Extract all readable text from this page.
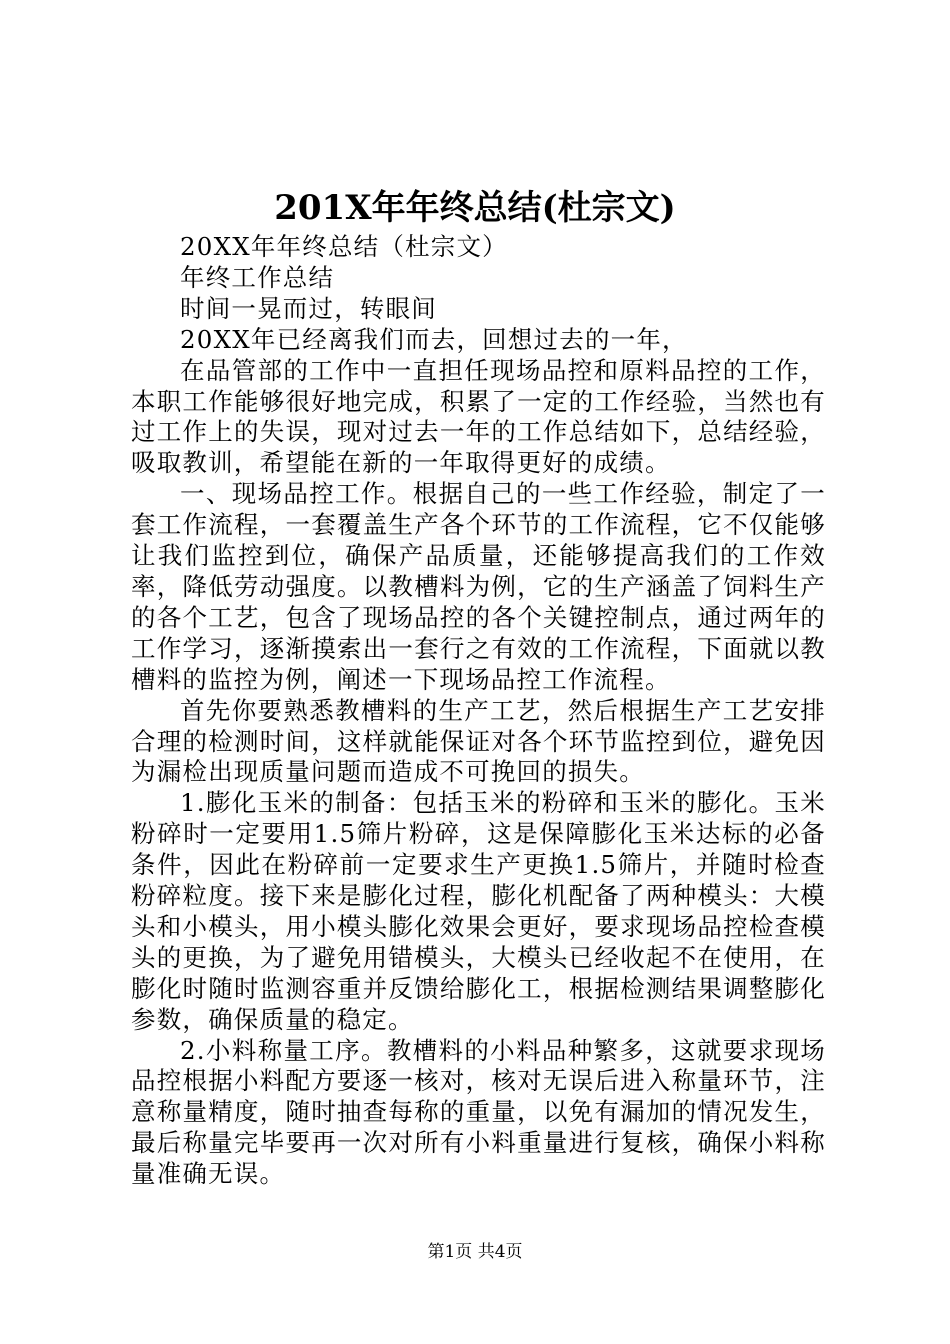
201X年年终总结(杜宗文)

20XX年年终总结（杜宗文）

年终工作总结

时间一晃而过，转眼间

20XX年已经离我们而去，回想过去的一年，

在品管部的工作中一直担任现场品控和原料品控的工作，本职工作能够很好地完成，积累了一定的工作经验，当然也有过工作上的失误，现对过去一年的工作总结如下，总结经验，吸取教训，希望能在新的一年取得更好的成绩。

一、现场品控工作。根据自己的一些工作经验，制定了一套工作流程，一套覆盖生产各个环节的工作流程，它不仅能够让我们监控到位，确保产品质量，还能够提高我们的工作效率，降低劳动强度。以教槽料为例，它的生产涵盖了饲料生产的各个工艺，包含了现场品控的各个关键控制点，通过两年的工作学习，逐渐摸索出一套行之有效的工作流程，下面就以教槽料的监控为例，阐述一下现场品控工作流程。

首先你要熟悉教槽料的生产工艺，然后根据生产工艺安排合理的检测时间，这样就能保证对各个环节监控到位，避免因为漏检出现质量问题而造成不可挽回的损失。

1.膨化玉米的制备：包括玉米的粉碎和玉米的膨化。玉米粉碎时一定要用1.5筛片粉碎，这是保障膨化玉米达标的必备条件，因此在粉碎前一定要求生产更换1.5筛片，并随时检查粉碎粒度。接下来是膨化过程，膨化机配备了两种模头：大模头和小模头，用小模头膨化效果会更好，要求现场品控检查模头的更换，为了避免用错模头，大模头已经收起不在使用，在膨化时随时监测容重并反馈给膨化工，根据检测结果调整膨化参数，确保质量的稳定。

2.小料称量工序。教槽料的小料品种繁多，这就要求现场品控根据小料配方要逐一核对，核对无误后进入称量环节，注意称量精度，随时抽查每称的重量，以免有漏加的情况发生，最后称量完毕要再一次对所有小料重量进行复核，确保小料称量准确无误。

第1页 共4页
